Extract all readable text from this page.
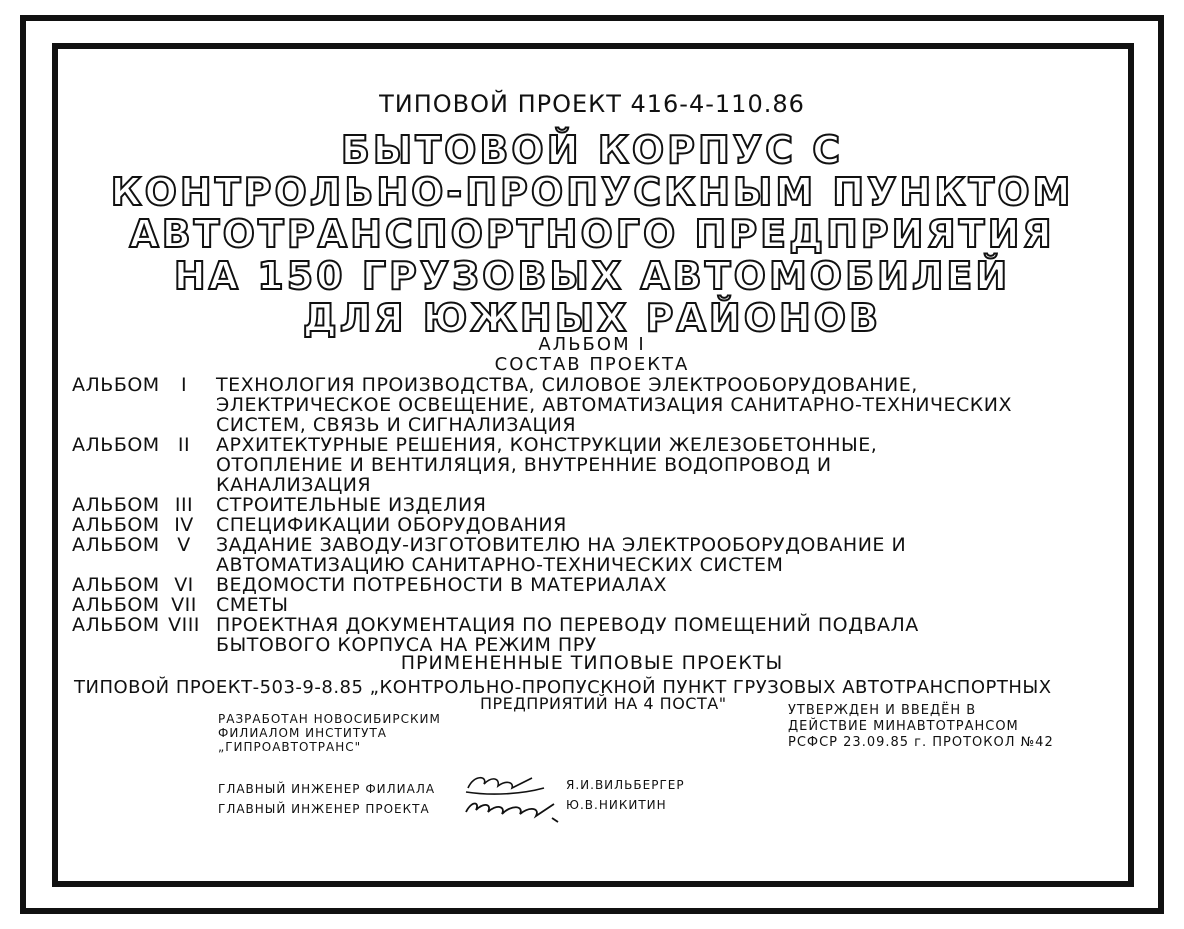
ТИПОВОЙ ПРОЕКТ 416-4-110.86
БЫТОВОЙ КОРПУС С
КОНТРОЛЬНО-ПРОПУСКНЫМ ПУНКТОМ
АВТОТРАНСПОРТНОГО ПРЕДПРИЯТИЯ
НА 150 ГРУЗОВЫХ АВТОМОБИЛЕЙ
ДЛЯ ЮЖНЫХ РАЙОНОВ
АЛЬБОМ I
СОСТАВ ПРОЕКТА
АЛЬБОМ	I	ТЕХНОЛОГИЯ ПРОИЗВОДСТВА, СИЛОВОЕ ЭЛЕКТРООБОРУДОВАНИЕ,
ЭЛЕКТРИЧЕСКОЕ ОСВЕЩЕНИЕ, АВТОМАТИЗАЦИЯ САНИТАРНО-ТЕХНИЧЕСКИХ
СИСТЕМ, СВЯЗЬ И СИГНАЛИЗАЦИЯ
АЛЬБОМ II	АРХИТЕКТУРНЫЕ РЕШЕНИЯ, КОНСТРУКЦИИ ЖЕЛЕЗОБЕТОННЫЕ,
ОТОПЛЕНИЕ И ВЕНТИЛЯЦИЯ, ВНУТРЕННИЕ ВОДОПРОВОД И
КАНАЛИЗАЦИЯ
АЛЬБОМ III	СТРОИТЕЛЬНЫЕ ИЗДЕЛИЯ
АЛЬБОМ IV	СПЕЦИФИКАЦИИ ОБОРУДОВАНИЯ
АЛЬБОМ V	ЗАДАНИЕ ЗАВОДУ-ИЗГОТОВИТЕЛЮ НА ЭЛЕКТРООБОРУДОВАНИЕ И
АВТОМАТИЗАЦИЮ САНИТАРНО-ТЕХНИЧЕСКИХ СИСТЕМ
АЛЬБОМ VI	ВЕДОМОСТИ ПОТРЕБНОСТИ В МАТЕРИАЛАХ
АЛЬБОМ VII СМЕТЫ
АЛЬБОМ VIII ПРОЕКТНАЯ ДОКУМЕНТАЦИЯ ПО ПЕРЕВОДУ ПОМЕЩЕНИЙ ПОДВАЛА
БЫТОВОГО КОРПУСА НА РЕЖИМ ПРУ
ПРИМЕНЕННЫЕ ТИПОВЫЕ ПРОЕКТЫ
ТИПОВОЙ ПРОЕКТ-503-9-8.85 „КОНТРОЛЬНО-ПРОПУСКНОЙ ПУНКТ ГРУЗОВЫХ АВТОТРАНСПОРТНЫХ
ПРЕДПРИЯТИЙ НА 4 ПОСТА"
РАЗРАБОТАН НОВОСИБИРСКИМ
ФИЛИАЛОМ ИНСТИТУТА
„ГИПРОАВТОТРАНС"
УТВЕРЖДЕН И ВВЕДЁН В
ДЕЙСТВИЕ МИНАВТОТРАНСОМ
РСФСР 23.09.85 г. ПРОТОКОЛ №42
ГЛАВНЫЙ ИНЖЕНЕР ФИЛИАЛА	Я.И.ВИЛЬБЕРГЕР
ГЛАВНЫЙ ИНЖЕНЕР ПРОЕКТА	Ю.В.НИКИТИН
